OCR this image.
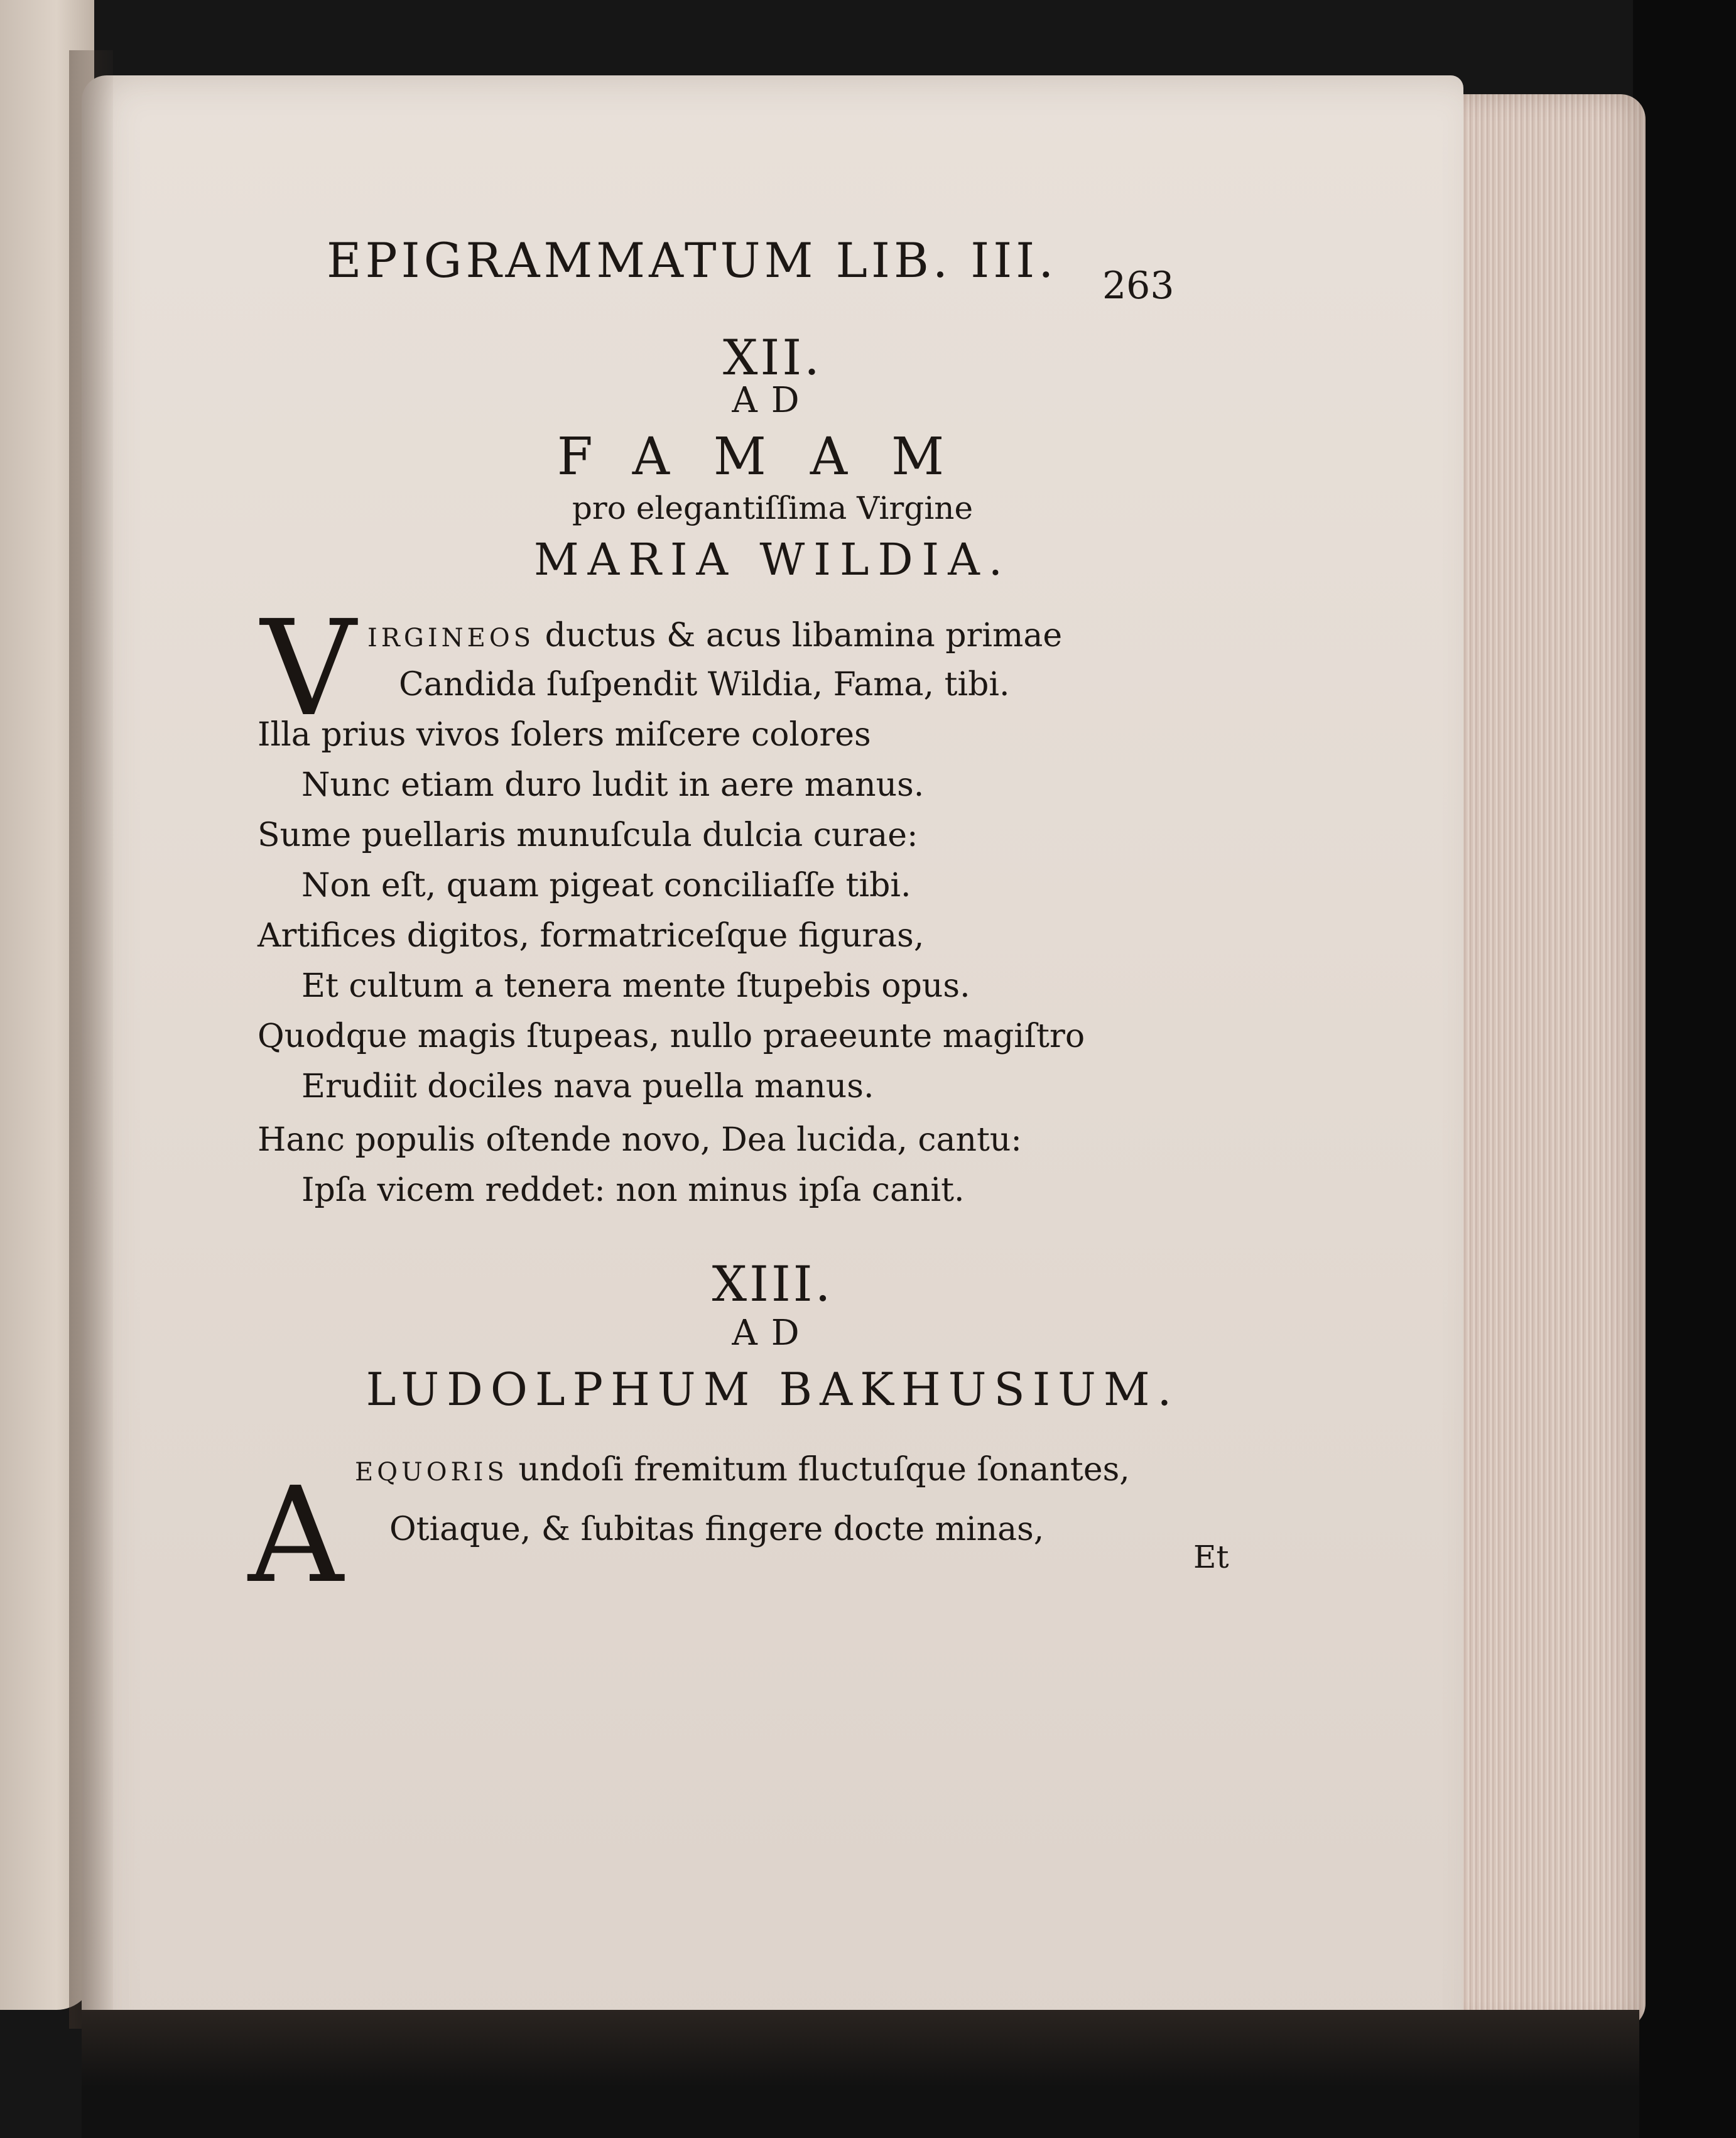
EPIGRAMMATUM LIB. III. 263
XII.
AD
FAMAM
pro elegantiſſima Virgine
MARIA WILDIA.
V IRGINEOS ductus & acus libamina primae
Candida ſuſpendit Wildia, Fama, tibi.
Illa prius vivos ſolers miſcere colores
Nunc etiam duro ludit in aere manus.
Sume puellaris munuſcula dulcia curae:
Non eſt, quam pigeat conciliaſſe tibi.
Artifices digitos, formatriceſque figuras,
Et cultum a tenera mente ſtupebis opus.
Quodque magis ſtupeas, nullo praeeunte magiſtro
Erudiit dociles nava puella manus.
Hanc populis oſtende novo, Dea lucida, cantu:
Ipſa vicem reddet: non minus ipſa canit.
XIII.
AD
LUDOLPHUM BAKHUSIUM.
A EQUORIS undoſi fremitum fluctuſque ſonantes,
Otiaque, & ſubitas fingere docte minas,
Et
